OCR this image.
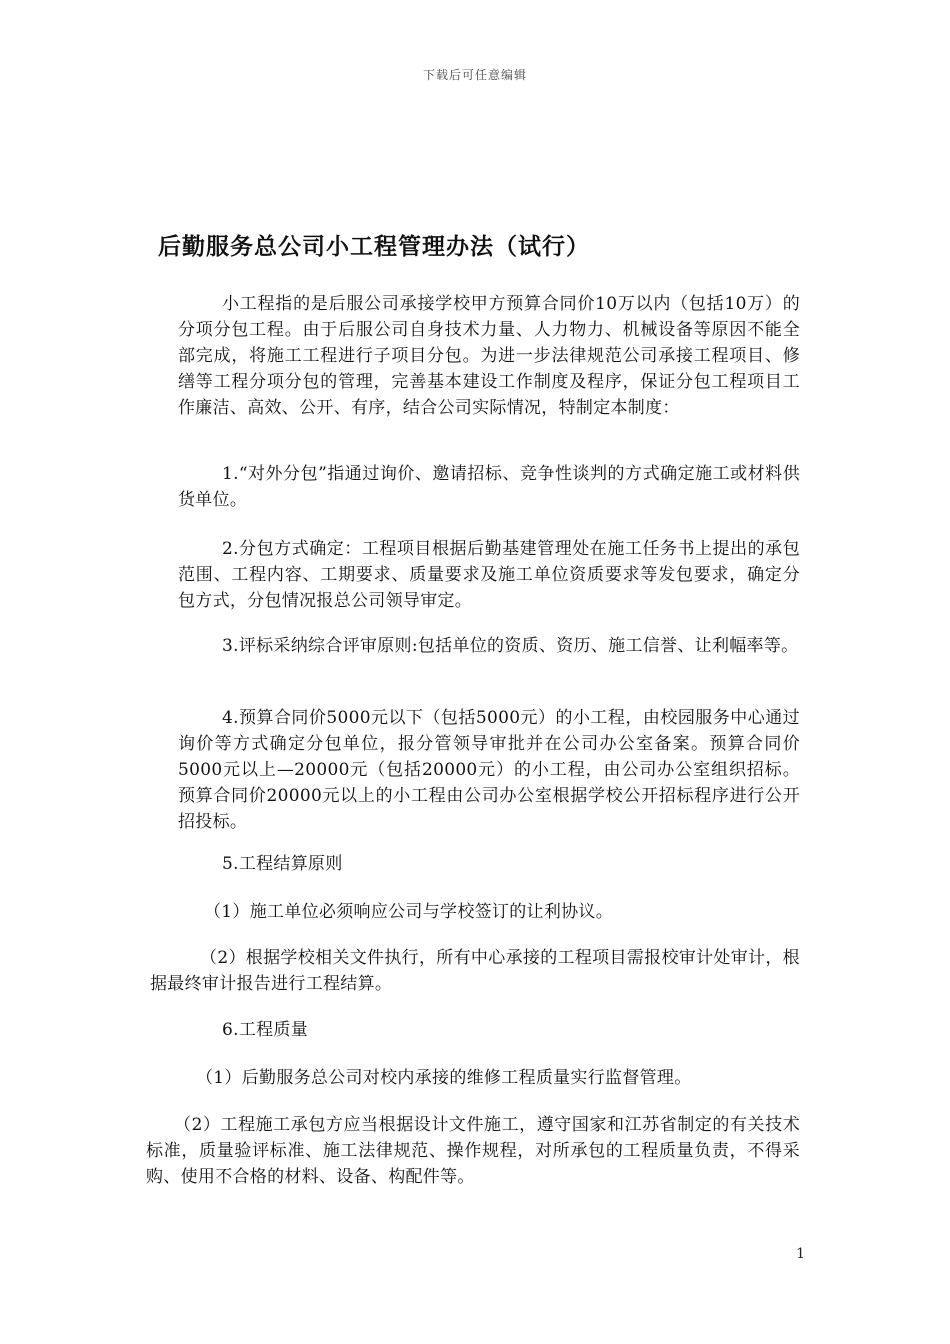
下载后可任意编辑
后勤服务总公司小工程管理办法（试行）

小工程指的是后服公司承接学校甲方预算合同价10万以内（包括10万）的分项分包工程。由于后服公司自身技术力量、人力物力、机械设备等原因不能全部完成，将施工工程进行子项目分包。为进一步法律规范公司承接工程项目、修缮等工程分项分包的管理，完善基本建设工作制度及程序，保证分包工程项目工作廉洁、高效、公开、有序，结合公司实际情况，特制定本制度：

1.“对外分包”指通过询价、邀请招标、竞争性谈判的方式确定施工或材料供货单位。

2.分包方式确定：工程项目根据后勤基建管理处在施工任务书上提出的承包范围、工程内容、工期要求、质量要求及施工单位资质要求等发包要求，确定分包方式，分包情况报总公司领导审定。

3.评标采纳综合评审原则:包括单位的资质、资历、施工信誉、让利幅率等。

4.预算合同价5000元以下（包括5000元）的小工程，由校园服务中心通过询价等方式确定分包单位，报分管领导审批并在公司办公室备案。预算合同价5000元以上—20000元（包括20000元）的小工程，由公司办公室组织招标。预算合同价20000元以上的小工程由公司办公室根据学校公开招标程序进行公开招投标。

5.工程结算原则

（1）施工单位必须响应公司与学校签订的让利协议。

（2）根据学校相关文件执行，所有中心承接的工程项目需报校审计处审计，根据最终审计报告进行工程结算。

6.工程质量

（1）后勤服务总公司对校内承接的维修工程质量实行监督管理。

（2）工程施工承包方应当根据设计文件施工，遵守国家和江苏省制定的有关技术标准，质量验评标准、施工法律规范、操作规程，对所承包的工程质量负责，不得采购、使用不合格的材料、设备、构配件等。

1
